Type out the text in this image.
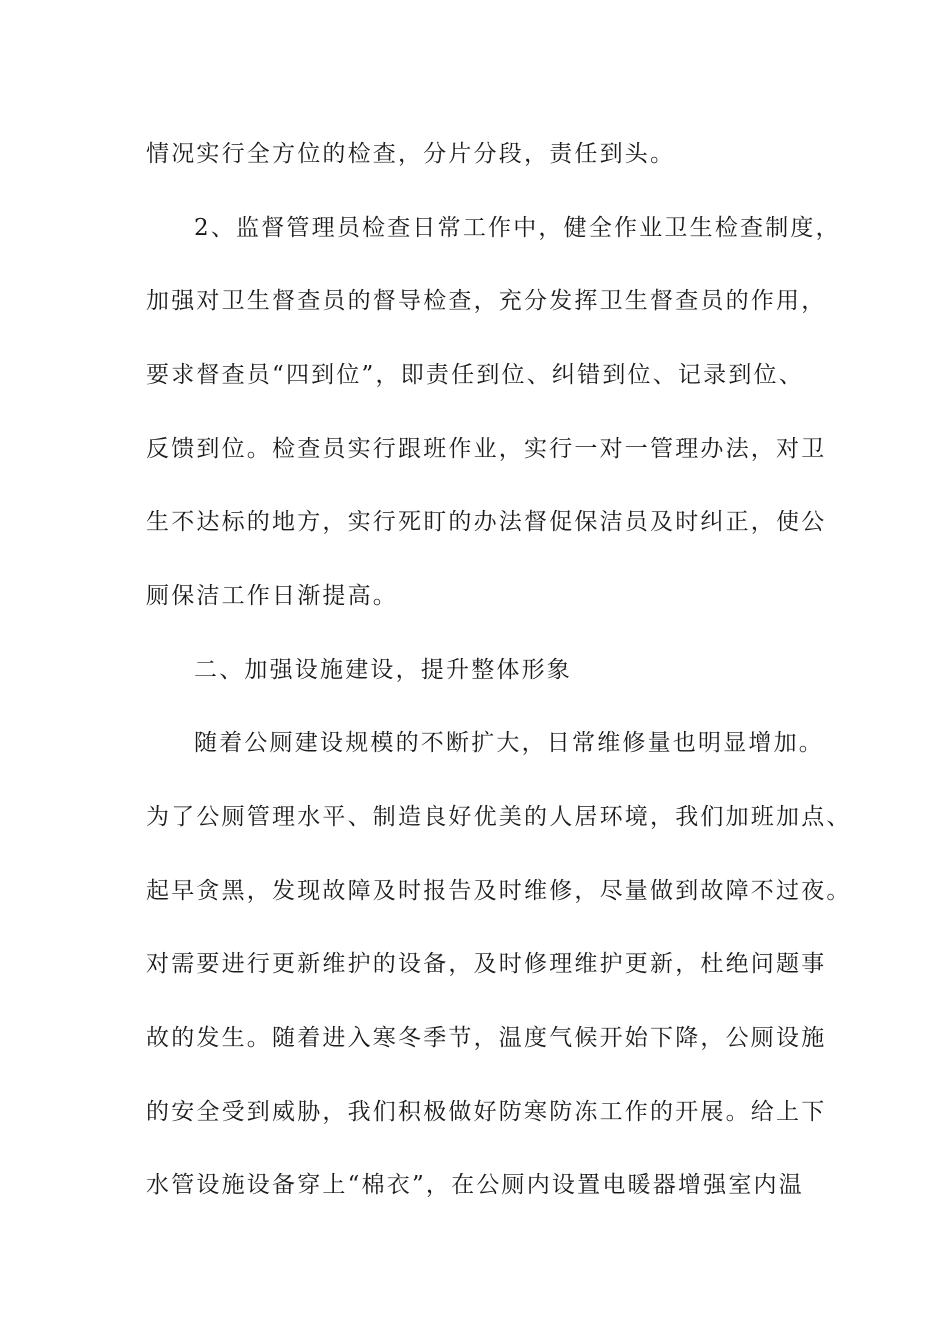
情况实行全方位的检查，分片分段，责任到头。
2、监督管理员检查日常工作中，健全作业卫生检查制度，
加强对卫生督查员的督导检查，充分发挥卫生督查员的作用，
要求督查员“四到位”，即责任到位、纠错到位、记录到位、
反馈到位。检查员实行跟班作业，实行一对一管理办法，对卫
生不达标的地方，实行死盯的办法督促保洁员及时纠正，使公
厕保洁工作日渐提高。
二、加强设施建设，提升整体形象
随着公厕建设规模的不断扩大，日常维修量也明显增加。
为了公厕管理水平、制造良好优美的人居环境，我们加班加点、
起早贪黑，发现故障及时报告及时维修，尽量做到故障不过夜。
对需要进行更新维护的设备，及时修理维护更新，杜绝问题事
故的发生。随着进入寒冬季节，温度气候开始下降，公厕设施
的安全受到威胁，我们积极做好防寒防冻工作的开展。给上下
水管设施设备穿上“棉衣”，在公厕内设置电暖器增强室内温
